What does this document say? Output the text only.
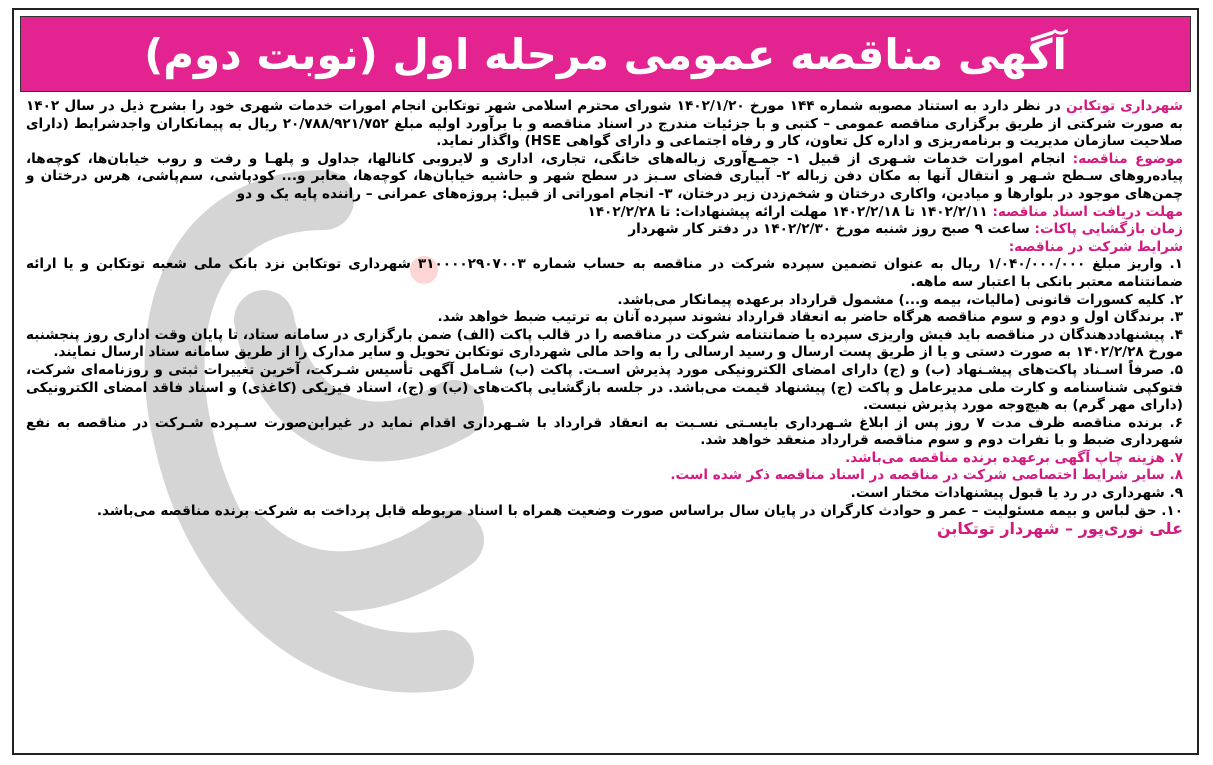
آگهی مناقصه عمومی مرحله اول (نوبت دوم)

شهرداری توتکابن در نظر دارد به استناد مصوبه شماره ۱۴۴ مورخ ۱۴۰۲/۱/۲۰ شورای محترم اسلامی شهر توتکابن انجام امورات خدمات شهری خود را بشرح ذیل در سال ۱۴۰۲ به صورت شرکتی از طریق برگزاری مناقصه عمومی – کتبی و با جزئیات مندرج در اسناد مناقصه و با برآورد اولیه مبلغ ۲۰/۷۸۸/۹۲۱/۷۵۲ ریال به پیمانکاران واجدشرایط (دارای صلاحیت سازمان مدیریت و برنامه‌ریزی و اداره کل تعاون، کار و رفاه اجتماعی و دارای گواهی HSE) واگذار نماید.

موضوع مناقصه: انجام امورات خدمات شـهری از قبیل ۱- جمـع‌آوری زباله‌های خانگی، تجاری، اداری و لایروبی کانالها، جداول و پلهـا و رفت و روب خیابان‌ها، کوچه‌ها، پیاده‌روهای سـطح شـهر و انتقال آنها به مکان دفن زباله ۲- آبیاری فضای سـبز در سطح شهر و حاشیه خیابان‌ها، کوچه‌ها، معابر و... کودپاشی، سم‌پاشی، هرس درختان و چمن‌های موجود در بلوارها و میادین، واکاری درختان و شخم‌زدن زیر درختان، ۳- انجام اموراتی از قبیل: پروژه‌های عمرانی – راننده پایه یک و دو

مهلت دریافت اسناد مناقصه: ۱۴۰۲/۲/۱۱ تا ۱۴۰۲/۲/۱۸ مهلت ارائه پیشنهادات: تا ۱۴۰۲/۲/۲۸

زمان بازگشایی پاکات: ساعت ۹ صبح روز شنبه مورخ ۱۴۰۲/۲/۳۰ در دفتر کار شهردار

شرایط شرکت در مناقصه:

۱. واریز مبلغ ۱/۰۴۰/۰۰۰/۰۰۰ ریال به عنوان تضمین سپرده شرکت در مناقصه به حساب شماره ۳۱۰۰۰۰۲۹۰۷۰۰۳ شهرداری توتکابن نزد بانک ملی شعبه توتکابن و یا ارائه ضمانتنامه معتبر بانکی با اعتبار سه ماهه.

۲. کلیه کسورات قانونی (مالیات، بیمه و...) مشمول قرارداد برعهده پیمانکار می‌باشد.

۳. برندگان اول و دوم و سوم مناقصه هرگاه حاضر به انعقاد قرارداد نشوند سپرده آنان به ترتیب ضبط خواهد شد.

۴. پیشنهاددهندگان در مناقصه باید فیش واریزی سپرده یا ضمانتنامه شرکت در مناقصه را در قالب پاکت (الف) ضمن بارگزاری در سامانه ستاد، تا پایان وقت اداری روز پنجشنبه مورخ ۱۴۰۲/۲/۲۸ به صورت دستی و یا از طریق پست ارسال و رسید ارسالی را به واحد مالی شهرداری توتکابن تحویل و سایر مدارک را از طریق سامانه ستاد ارسال نمایند.

۵. صرفاً اسـناد پاکت‌های پیشـنهاد (ب) و (ج) دارای امضای الکترونیکی مورد پذیرش اسـت. پاکت (ب) شـامل آگهی تأسیس شـرکت، آخرین تغییرات ثبتی و روزنامه‌ای شرکت، فتوکپی شناسنامه و کارت ملی مدیرعامل و پاکت (ج) پیشنهاد قیمت می‌باشد. در جلسه بازگشایی پاکت‌های (ب) و (ج)، اسناد فیزیکی (کاغذی) و اسناد فاقد امضای الکترونیکی (دارای مهر گرم) به هیچ‌وجه مورد پذیرش نیست.

۶. برنده مناقصه ظرف مدت ۷ روز پس از ابلاغ شـهرداری بایسـتی نسـبت به انعقاد قرارداد با شـهرداری اقدام نماید در غیراین‌صورت سـپرده شـرکت در مناقصه به نفع شهرداری ضبط و با نفرات دوم و سوم مناقصه قرارداد منعقد خواهد شد.

۷. هزینه چاپ آگهی برعهده برنده مناقصه می‌باشد.

۸. سایر شرایط اختصاصی شرکت در مناقصه در اسناد مناقصه ذکر شده است.

۹. شهرداری در رد یا قبول پیشنهادات مختار است.

۱۰. حق لباس و بیمه مسئولیت – عمر و حوادث کارگران در پایان سال براساس صورت وضعیت همراه با اسناد مربوطه قابل پرداخت به شرکت برنده مناقصه می‌باشد.

علی نوری‌پور – شهردار توتکابن
